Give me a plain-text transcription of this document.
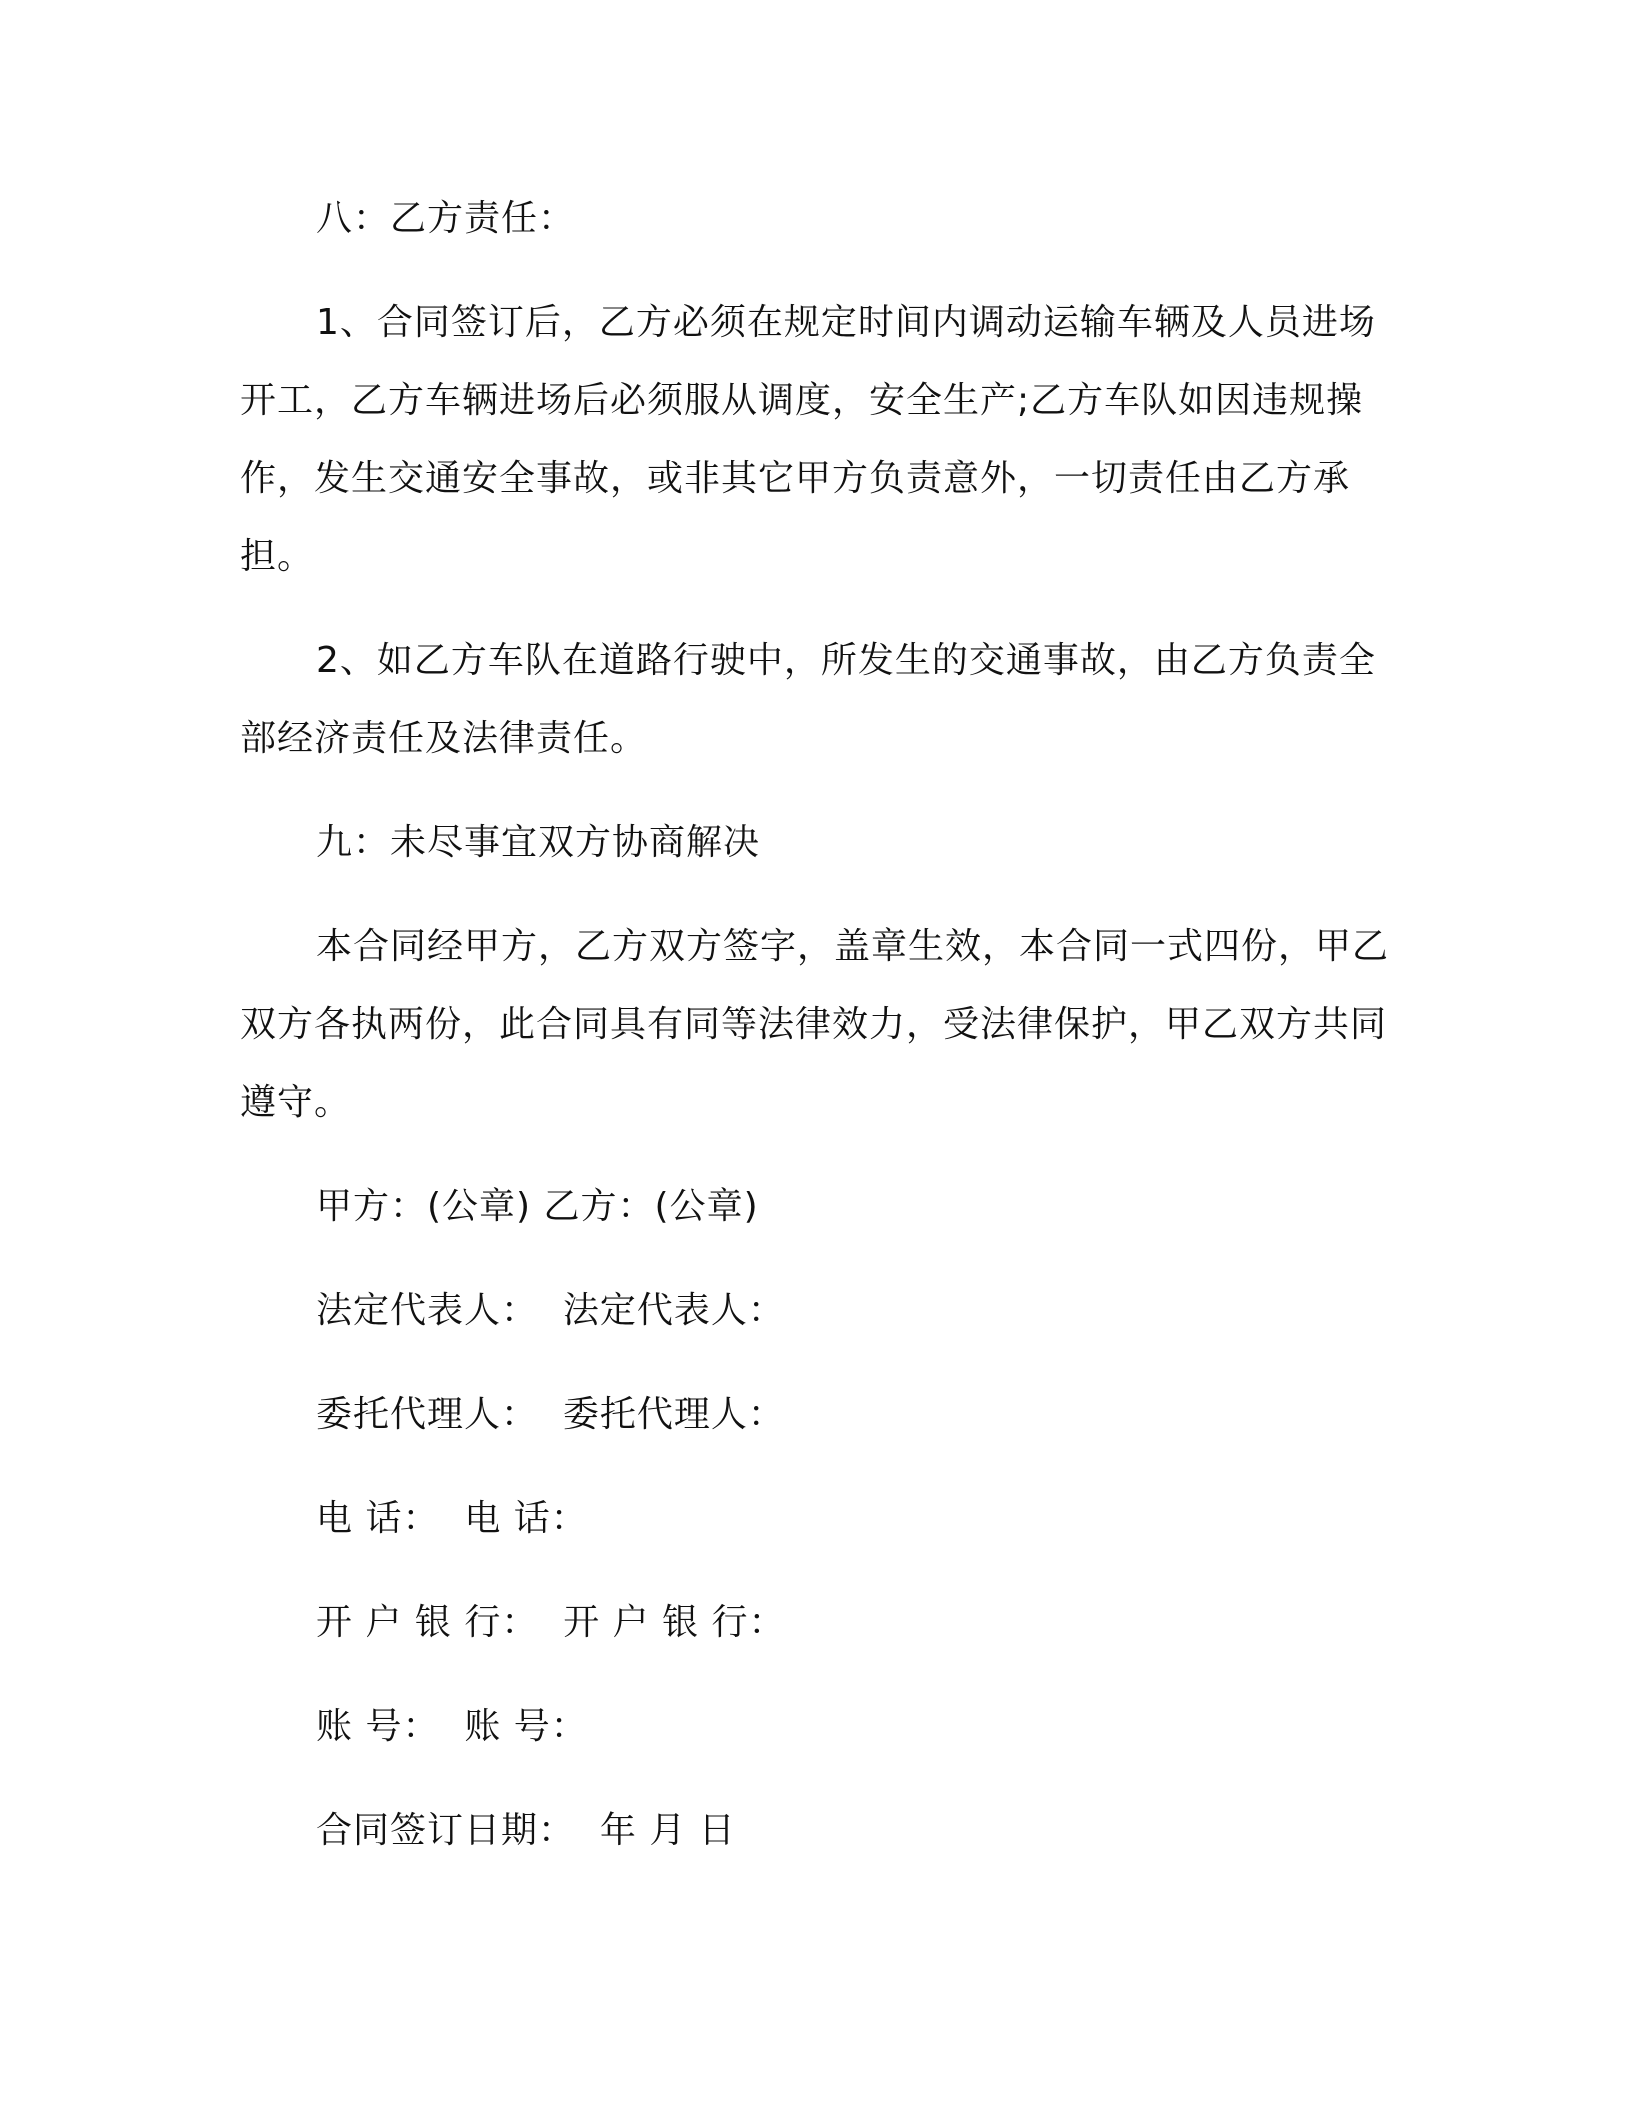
八：乙方责任：

1、合同签订后，乙方必须在规定时间内调动运输车辆及人员进场开工，乙方车辆进场后必须服从调度，安全生产;乙方车队如因违规操作，发生交通安全事故，或非其它甲方负责意外，一切责任由乙方承担。

2、如乙方车队在道路行驶中，所发生的交通事故，由乙方负责全部经济责任及法律责任。

九：未尽事宜双方协商解决

本合同经甲方，乙方双方签字，盖章生效，本合同一式四份，甲乙双方各执两份，此合同具有同等法律效力，受法律保护，甲乙双方共同遵守。

甲方：(公章) 乙方：(公章)

法定代表人：  法定代表人：

委托代理人：  委托代理人：

电 话：  电 话：

开 户 银 行：  开 户 银 行：

账 号：  账 号：

合同签订日期：  年 月 日
